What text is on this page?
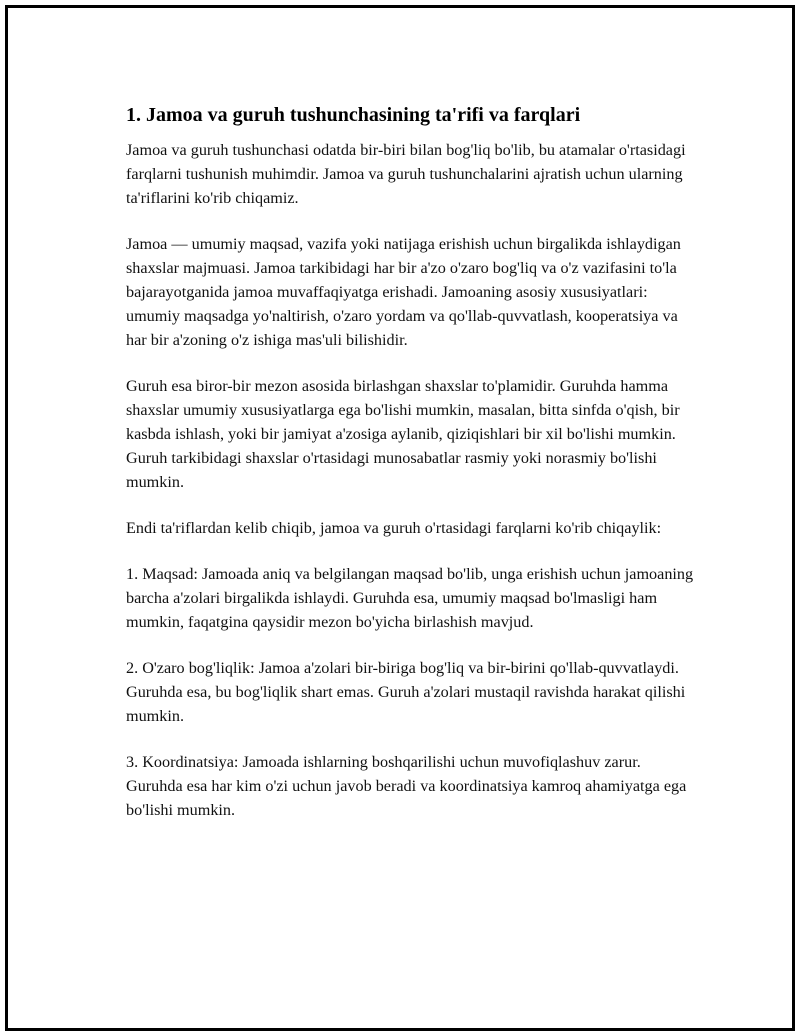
1. Jamoa va guruh tushunchasining ta'rifi va farqlari

Jamoa va guruh tushunchasi odatda bir-biri bilan bog'liq bo'lib, bu atamalar o'rtasidagi farqlarni tushunish muhimdir. Jamoa va guruh tushunchalarini ajratish uchun ularning ta'riflarini ko'rib chiqamiz.

Jamoa — umumiy maqsad, vazifa yoki natijaga erishish uchun birgalikda ishlaydigan shaxslar majmuasi. Jamoa tarkibidagi har bir a'zo o'zaro bog'liq va o'z vazifasini to'la bajarayotganida jamoa muvaffaqiyatga erishadi. Jamoaning asosiy xususiyatlari: umumiy maqsadga yo'naltirish, o'zaro yordam va qo'llab-quvvatlash, kooperatsiya va har bir a'zoning o'z ishiga mas'uli bilishidir.

Guruh esa biror-bir mezon asosida birlashgan shaxslar to'plamidir. Guruhda hamma shaxslar umumiy xususiyatlarga ega bo'lishi mumkin, masalan, bitta sinfda o'qish, bir kasbda ishlash, yoki bir jamiyat a'zosiga aylanib, qiziqishlari bir xil bo'lishi mumkin. Guruh tarkibidagi shaxslar o'rtasidagi munosabatlar rasmiy yoki norasmiy bo'lishi mumkin.

Endi ta'riflardan kelib chiqib, jamoa va guruh o'rtasidagi farqlarni ko'rib chiqaylik:

1. Maqsad: Jamoada aniq va belgilangan maqsad bo'lib, unga erishish uchun jamoaning barcha a'zolari birgalikda ishlaydi. Guruhda esa, umumiy maqsad bo'lmasligi ham mumkin, faqatgina qaysidir mezon bo'yicha birlashish mavjud.

2. O'zaro bog'liqlik: Jamoa a'zolari bir-biriga bog'liq va bir-birini qo'llab-quvvatlaydi. Guruhda esa, bu bog'liqlik shart emas. Guruh a'zolari mustaqil ravishda harakat qilishi mumkin.

3. Koordinatsiya: Jamoada ishlarning boshqarilishi uchun muvofiqlashuv zarur. Guruhda esa har kim o'zi uchun javob beradi va koordinatsiya kamroq ahamiyatga ega bo'lishi mumkin.
